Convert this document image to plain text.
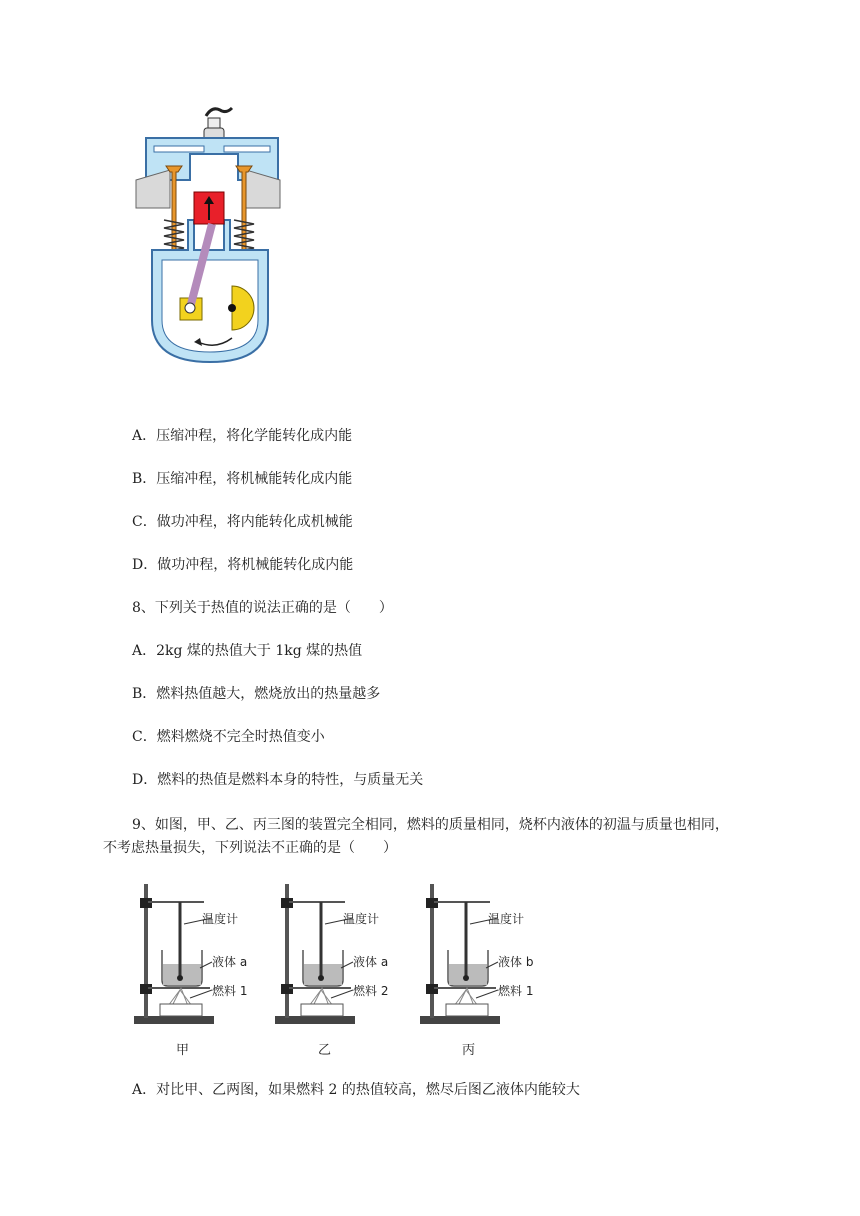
A．压缩冲程，将化学能转化成内能
B．压缩冲程，将机械能转化成内能
C．做功冲程，将内能转化成机械能
D．做功冲程，将机械能转化成内能
8、下列关于热值的说法正确的是（　　）
A．2kg 煤的热值大于 1kg 煤的热值
B．燃料热值越大，燃烧放出的热量越多
C．燃料燃烧不完全时热值变小
D．燃料的热值是燃料本身的特性，与质量无关
9、如图，甲、乙、丙三图的装置完全相同，燃料的质量相同，烧杯内液体的初温与质量也相同，
不考虑热量损失，下列说法不正确的是（　　）
温度计
液体 a
燃料 1
甲
温度计
液体 a
燃料 2
乙
温度计
液体 b
燃料 1
丙
A．对比甲、乙两图，如果燃料 2 的热值较高，燃尽后图乙液体内能较大
